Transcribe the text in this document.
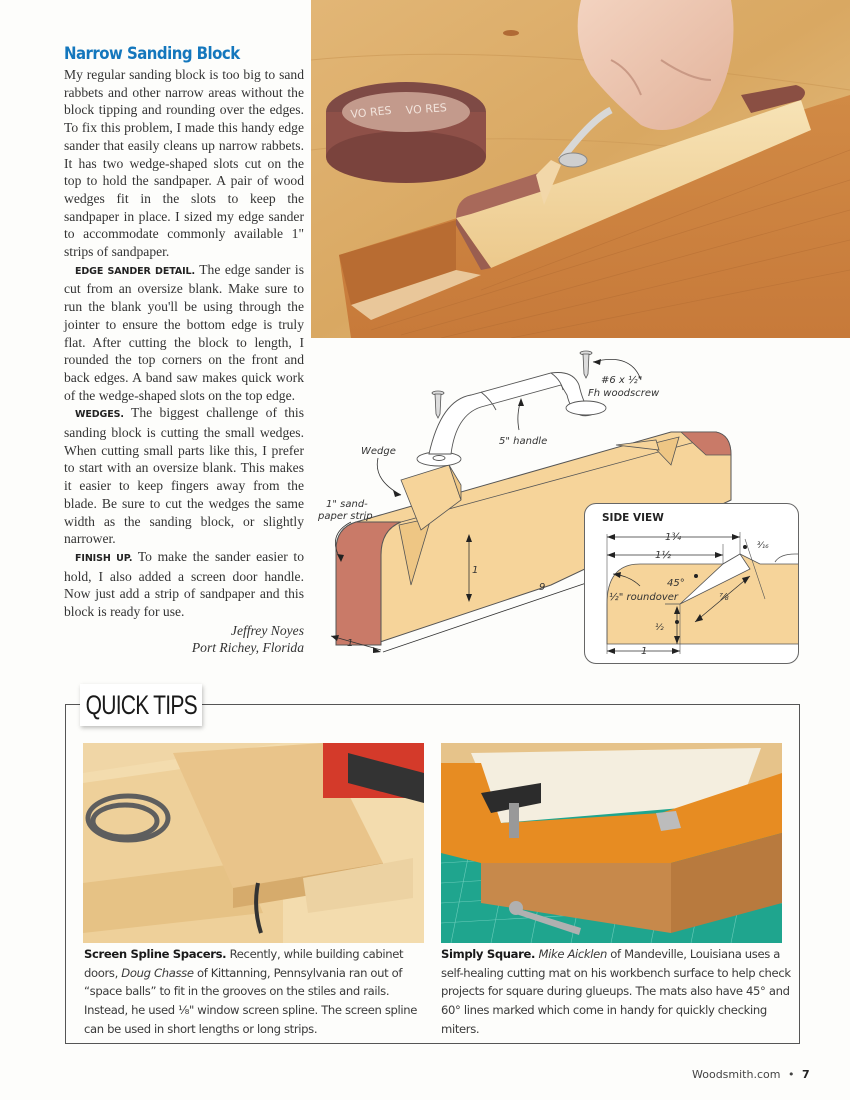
Narrow Sanding Block

My regular sanding block is too big to sand rabbets and other narrow areas without the block tipping and rounding over the edges. To fix this problem, I made this handy edge sander that easily cleans up narrow rabbets. It has two wedge-shaped slots cut on the top to hold the sandpaper. A pair of wood wedges fit in the slots to keep the sandpaper in place. I sized my edge sander to accommodate commonly available 1" strips of sandpaper.

EDGE SANDER DETAIL. The edge sander is cut from an oversize blank. Make sure to run the blank you'll be using through the jointer to ensure the bottom edge is truly flat. After cutting the block to length, I rounded the top corners on the front and back edges. A band saw makes quick work of the wedge-shaped slots on the top edge.

WEDGES. The biggest challenge of this sanding block is cutting the small wedges. When cutting small parts like this, I prefer to start with an oversize blank. This makes it easier to keep fingers away from the blade. Be sure to cut the wedges the same width as the sanding block, or slightly narrower.

FINISH UP. To make the sander easier to hold, I also added a screen door handle. Now just add a strip of sandpaper and this block is ready for use.

Jeffrey Noyes
Port Richey, Florida
VO RES VO RES
#6 x ½"
Fh woodscrew
5" handle
Wedge
1" sand-
paper strip
1
9
1
1¾
1½
³⁄₁₆
45°
½" roundover	⅞
½
1
SIDE VIEW
QUICK TIPS
Screen Spline Spacers. Recently, while building cabinet doors, Doug Chasse of Kittanning, Pennsylvania ran out of “space balls” to fit in the grooves on the stiles and rails. Instead, he used ⅛" window screen spline. The screen spline can be used in short lengths or long strips.
Simply Square. Mike Aicklen of Mandeville, Louisiana uses a self-healing cutting mat on his workbench surface to help check projects for square during glueups. The mats also have 45° and 60° lines marked which come in handy for quickly checking miters.
Woodsmith.com • 7
